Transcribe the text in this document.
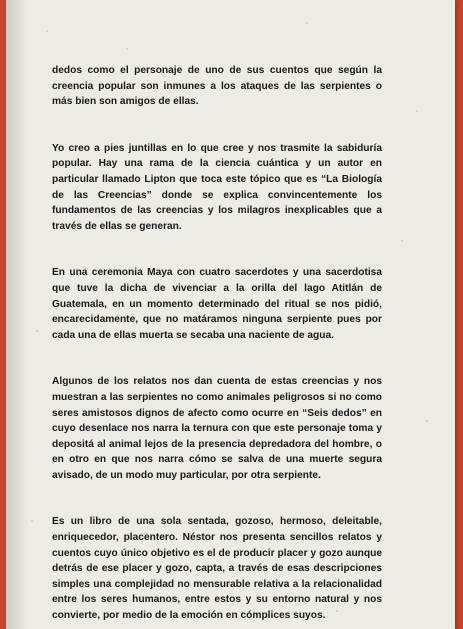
dedos como el personaje de uno de sus cuentos que según la creencia popular son inmunes a los ataques de las serpientes o más bien son amigos de ellas.

Yo creo a pies juntillas en lo que cree y nos trasmite la sabiduría popular. Hay una rama de la ciencia cuántica y un autor en particular llamado Lipton que toca este tópico que es “La Biología de las Creencias” donde se explica convincentemente los fundamentos de las creencias y los milagros inexplicables que a través de ellas se generan.

En una ceremonia Maya con cuatro sacerdotes y una sacerdotisa que tuve la dicha de vivenciar a la orilla del lago Atitlán de Guatemala, en un momento determinado del ritual se nos pidió, encarecidamente, que no matáramos ninguna serpiente pues por cada una de ellas muerta se secaba una naciente de agua.

Algunos de los relatos nos dan cuenta de estas creencias y nos muestran a las serpientes no como animales peligrosos si no como seres amistosos dignos de afecto como ocurre en “Seis dedos” en cuyo desenlace nos narra la ternura con que este personaje toma y depositá al animal lejos de la presencia depredadora del hombre, o en otro en que nos narra cómo se salva de una muerte segura avisado, de un modo muy particular, por otra serpiente.

Es un libro de una sola sentada, gozoso, hermoso, deleitable, enriquecedor, placentero. Néstor nos presenta sencillos relatos y cuentos cuyo único objetivo es el de producir placer y gozo aunque detrás de ese placer y gozo, capta, a través de esas descripciones simples una complejidad no mensurable relativa a la relacionalidad entre los seres humanos, entre estos y su entorno natural y nos convierte, por medio de la emoción en cómplices suyos.
